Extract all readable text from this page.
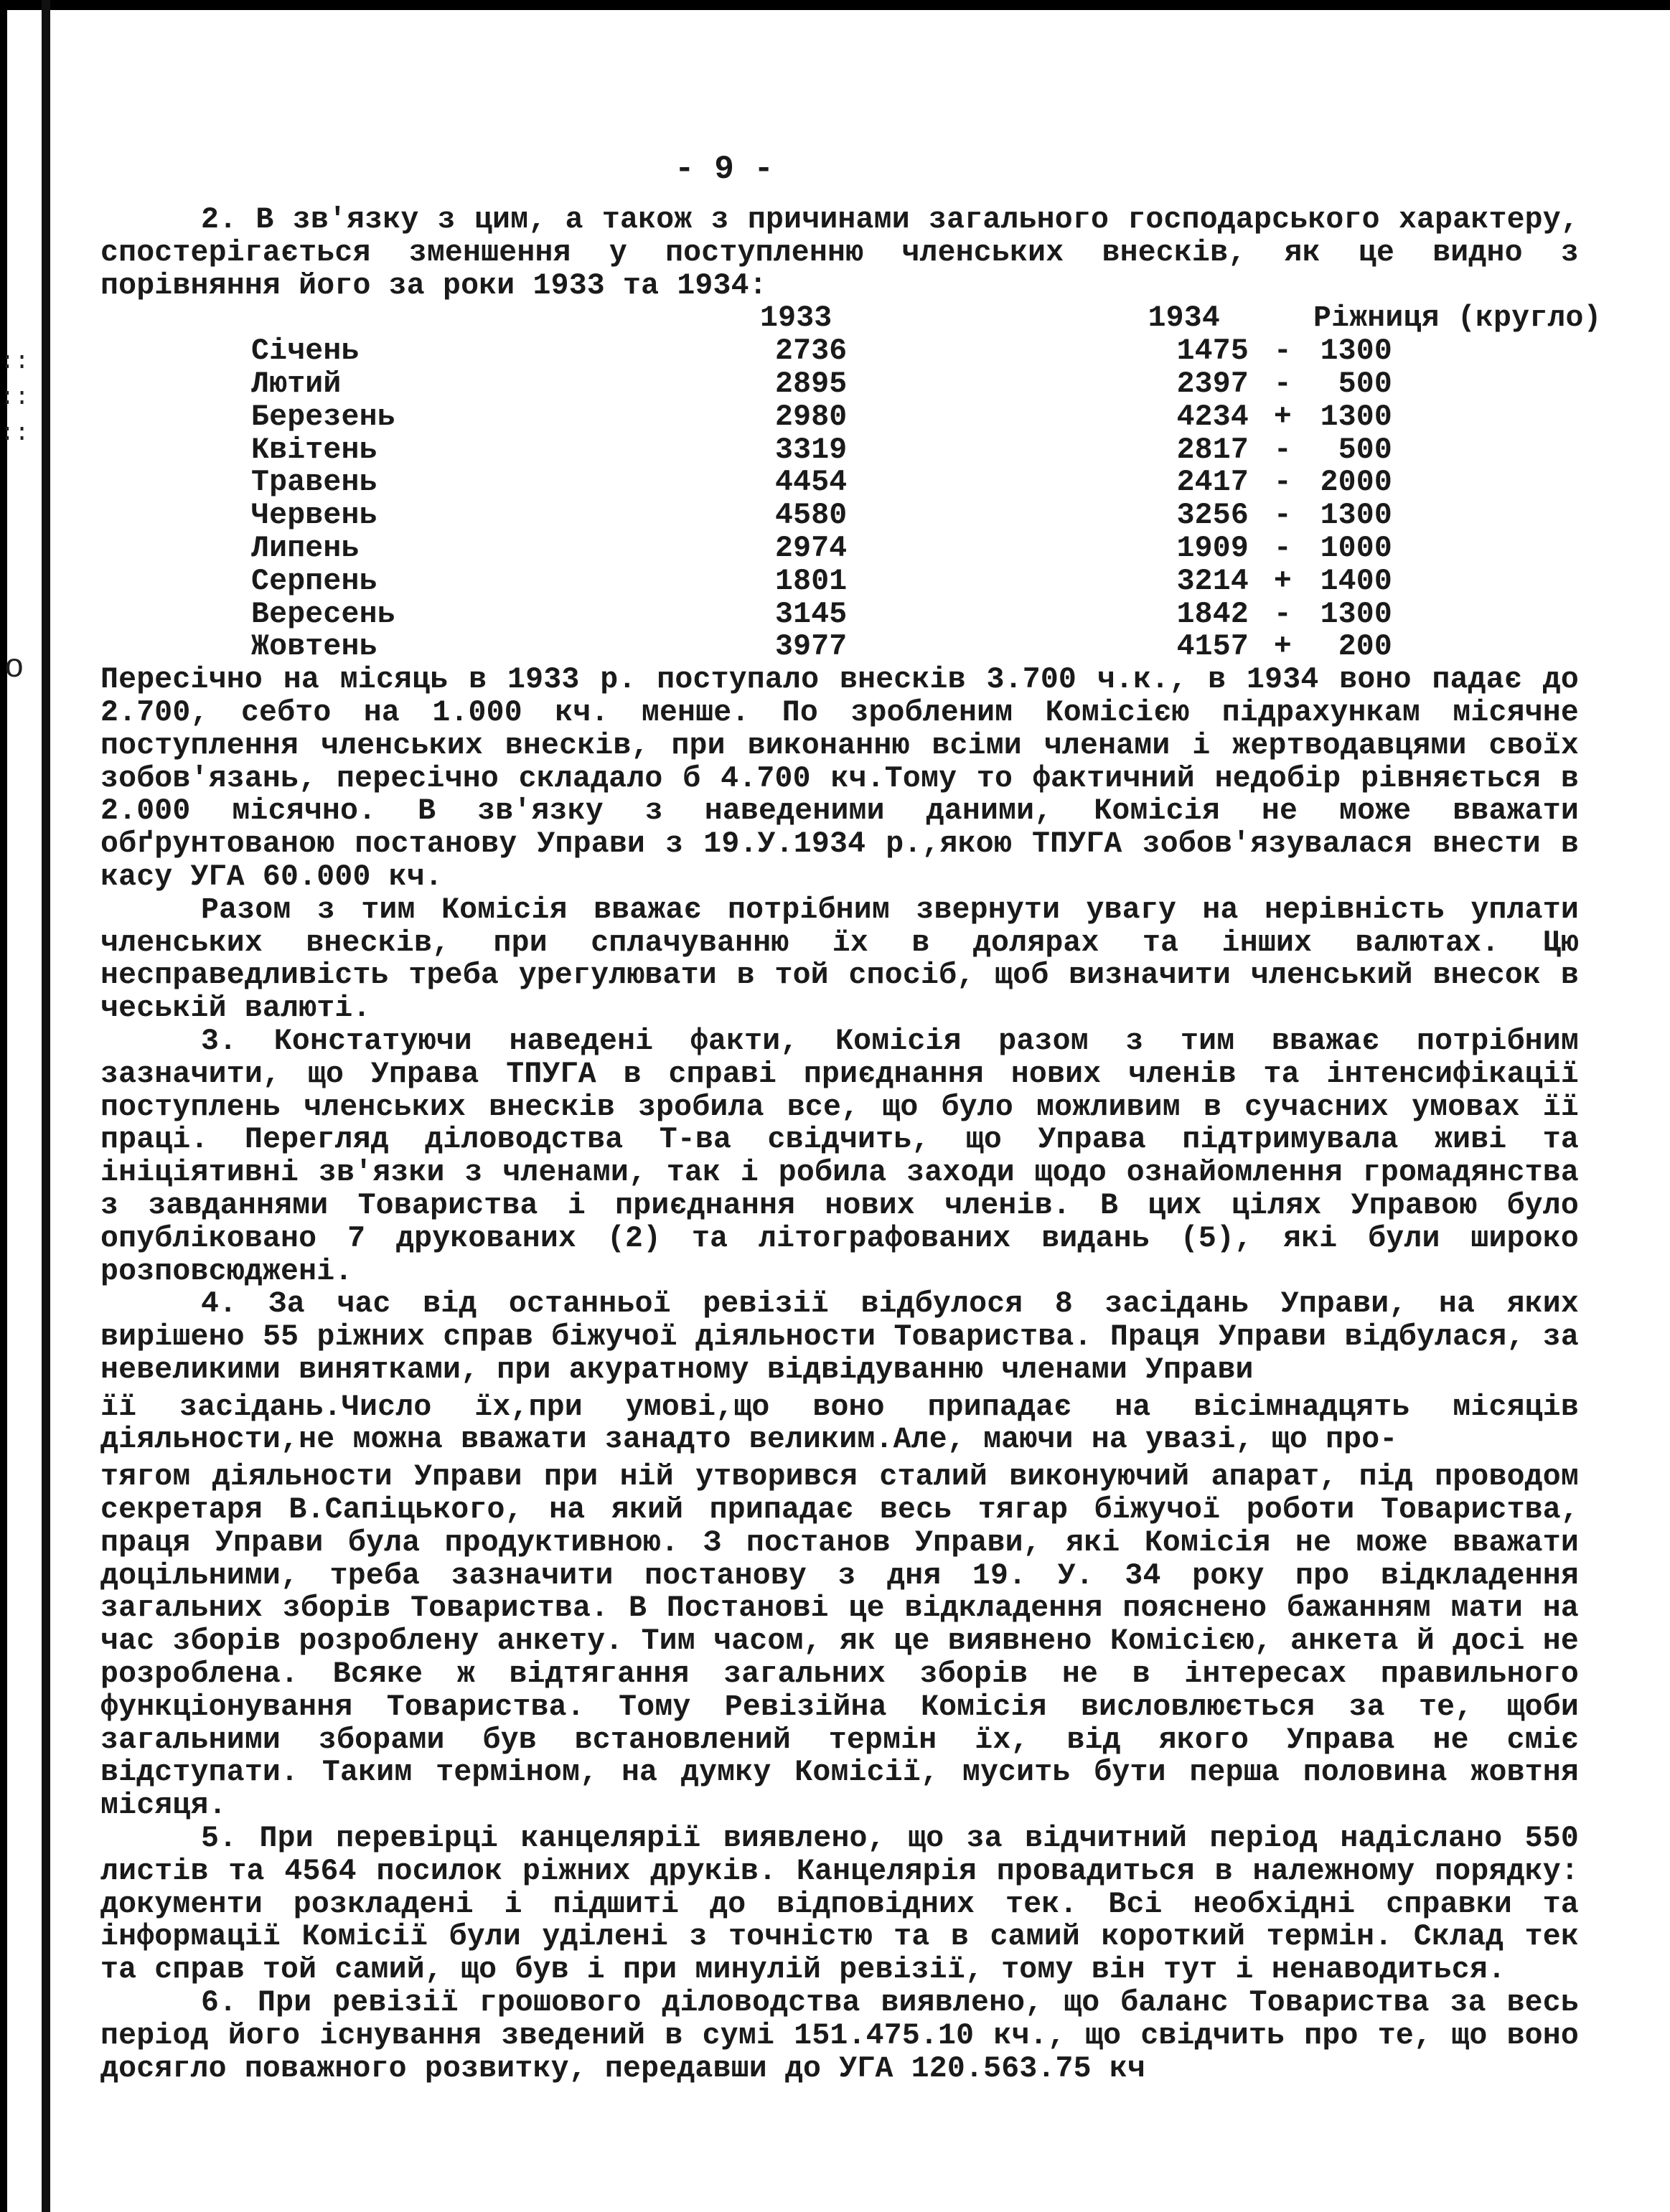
:: :: ::
о
- 9 -

2. В зв'язку з цим, а також з причинами загального господарського характеру, спостерігається зменшення у поступленню членських внесків, як це видно з порівняння його за роки 1933 та 1934:

1933	1934	Ріжниця (кругло)
Січень	2736	1475 - 1300
Лютий	2895	2397 -	500
Березень	2980	4234 + 1300
Квітень	3319	2817 -	500
Травень	4454	2417 - 2000
Червень	4580	3256 - 1300
Липень	2974	1909 - 1000
Серпень	1801	3214 + 1400
Вересень	3145	1842 - 1300
Жовтень	3977	4157 +	200

Пересічно на місяць в 1933 р. поступало внесків 3.700 ч.к., в 1934 воно падає до 2.700, себто на 1.000 кч. менше. По зробленим Комісією підрахункам місячне поступлення членських внесків, при виконанню всіми членами і жертводавцями своїх зобов'язань, пересічно складало б 4.700 кч.Тому то фактичний недобір рівняється в 2.000 місячно. В зв'язку з наведеними даними, Комісія не може вважати обґрунтованою постанову Управи з 19.У.1934 р.,якою ТПУГА зобов'язувалася внести в касу УГА 60.000 кч.

Разом з тим Комісія вважає потрібним звернути увагу на нерівність уплати членських внесків, при сплачуванню їх в долярах та інших валютах. Цю несправедливість треба урегулювати в той спосіб, щоб визначити членський внесок в чеській валюті.

3. Констатуючи наведені факти, Комісія разом з тим вважає потрібним зазначити, що Управа ТПУГА в справі приєднання нових членів та інтенсифікації поступлень членських внесків зробила все, що було можливим в сучасних умовах її праці. Перегляд діловодства Т-ва свідчить, що Управа підтримувала живі та ініціятивні зв'язки з членами, так і робила заходи щодо ознайомлення громадянства з завданнями Товариства і приєднання нових членів. В цих цілях Управою було опубліковано 7 друкованих (2) та літографованих видань (5), які були широко розповсюджені.

4. За час від останньої ревізії відбулося 8 засідань Управи, на яких вирішено 55 ріжних справ біжучої діяльности Товариства. Праця Управи відбулася, за невеликими винятками, при акуратному відвідуванню членами Управи

її засідань.Число їх,при умові,що воно припадає на вісімнадцять місяців діяльности,не можна вважати занадто великим.Але, маючи на увазі, що про-

тягом діяльности Управи при ній утворився сталий виконуючий апарат, під проводом секретаря В.Сапіцького, на який припадає весь тягар біжучої роботи Товариства, праця Управи була продуктивною. З постанов Управи, які Комісія не може вважати доцільними, треба зазначити постанову з дня 19. У. 34 року про відкладення загальних зборів Товариства. В Постанові це відкладення пояснено бажанням мати на час зборів розроблену анкету. Тим часом, як це виявнено Комісією, анкета й досі не розроблена. Всяке ж відтягання загальних зборів не в інтересах правильного функціонування Товариства. Тому Ревізійна Комісія висловлюється за те, щоби загальними зборами був встановлений термін їх, від якого Управа не сміє відступати. Таким терміном, на думку Комісії, мусить бути перша половина жовтня місяця.

5. При перевірці канцелярії виявлено, що за відчитний період надіслано 550 листів та 4564 посилок ріжних друків. Канцелярія провадиться в належному порядку: документи розкладені і підшиті до відповідних тек. Всі необхідні справки та інформації Комісії були уділені з точністю та в самий короткий термін. Склад тек та справ той самий, що був і при минулій ревізії, тому він тут і ненаводиться.

6. При ревізії грошового діловодства виявлено, що баланс Товариства за весь період його існування зведений в сумі 151.475.10 кч., що свідчить про те, що воно досягло поважного розвитку, передавши до УГА 120.563.75 кч
